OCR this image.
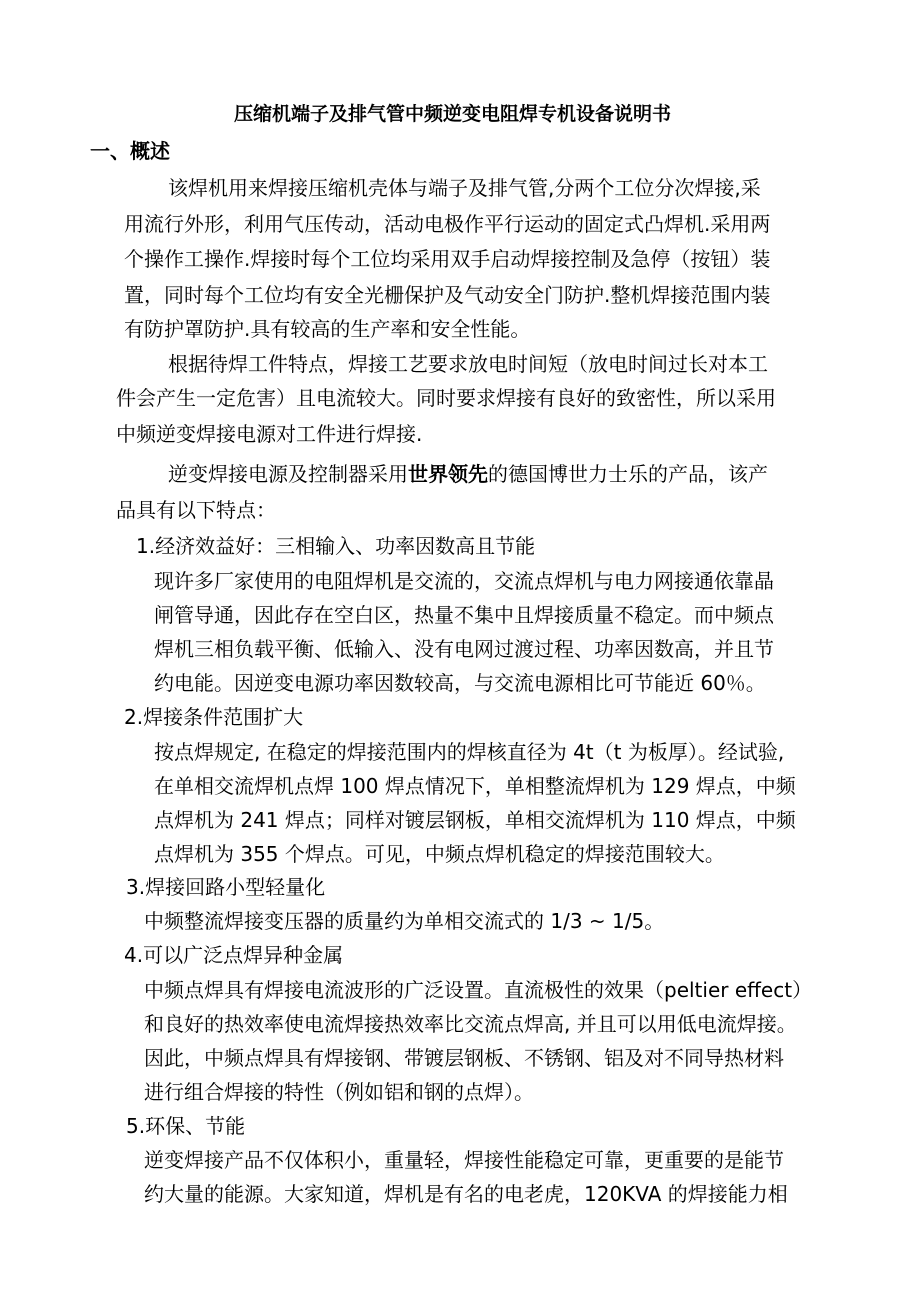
压缩机端子及排气管中频逆变电阻焊专机设备说明书
一、概述
该焊机用来焊接压缩机壳体与端子及排气管,分两个工位分次焊接,采
用流行外形，利用气压传动，活动电极作平行运动的固定式凸焊机.采用两
个操作工操作.焊接时每个工位均采用双手启动焊接控制及急停（按钮）装
置，同时每个工位均有安全光栅保护及气动安全门防护.整机焊接范围内装
有防护罩防护.具有较高的生产率和安全性能。
根据待焊工件特点，焊接工艺要求放电时间短（放电时间过长对本工
件会产生一定危害）且电流较大。同时要求焊接有良好的致密性，所以采用
中频逆变焊接电源对工件进行焊接.
逆变焊接电源及控制器采用世界领先的德国博世力士乐的产品，该产
品具有以下特点：
1.经济效益好：三相输入、功率因数高且节能
现许多厂家使用的电阻焊机是交流的，交流点焊机与电力网接通依靠晶
闸管导通，因此存在空白区，热量不集中且焊接质量不稳定。而中频点
焊机三相负载平衡、低输入、没有电网过渡过程、功率因数高，并且节
约电能。因逆变电源功率因数较高，与交流电源相比可节能近 60％。
2.焊接条件范围扩大
按点焊规定, 在稳定的焊接范围内的焊核直径为 4t（t 为板厚）。经试验,
在单相交流焊机点焊 100 焊点情况下，单相整流焊机为 129 焊点，中频
点焊机为 241 焊点；同样对镀层钢板，单相交流焊机为 110 焊点，中频
点焊机为 355 个焊点。可见，中频点焊机稳定的焊接范围较大。
3.焊接回路小型轻量化
中频整流焊接变压器的质量约为单相交流式的 1/3 ~ 1/5。
4.可以广泛点焊异种金属
中频点焊具有焊接电流波形的广泛设置。直流极性的效果（peltier effect）
和良好的热效率使电流焊接热效率比交流点焊高, 并且可以用低电流焊接。
因此，中频点焊具有焊接钢、带镀层钢板、不锈钢、铝及对不同导热材料
进行组合焊接的特性（例如铝和钢的点焊）。
5.环保、节能
逆变焊接产品不仅体积小，重量轻，焊接性能稳定可靠，更重要的是能节
约大量的能源。大家知道，焊机是有名的电老虎，120KVA 的焊接能力相
